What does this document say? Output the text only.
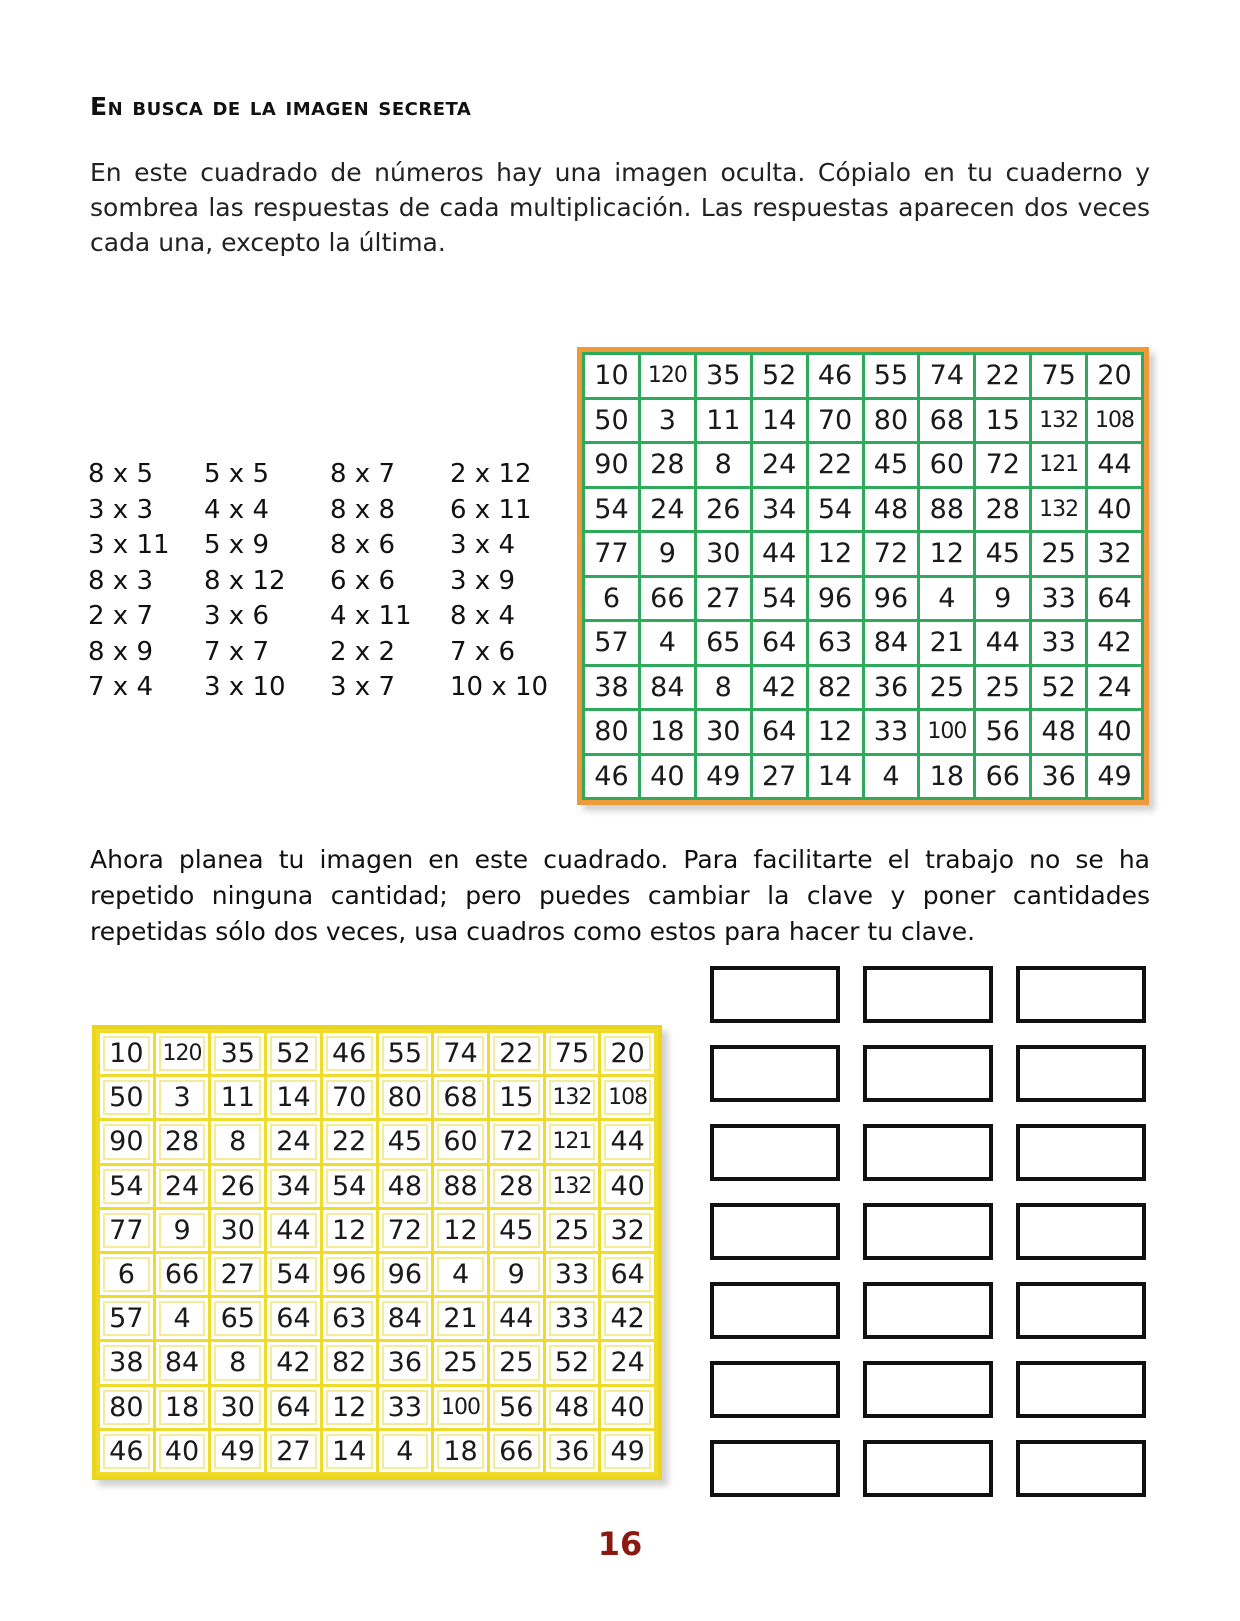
En busca de la imagen secreta
En este cuadrado de números hay una imagen oculta. Cópialo en tu cuaderno y sombrea las respuestas de cada multiplicación. Las respuestas aparecen dos veces cada una, excepto la última.
8 x 5	5 x 5	8 x 7	2 x 12
3 x 3	4 x 4	8 x 8	6 x 11
3 x 11	5 x 9	8 x 6	3 x 4
8 x 3	8 x 12	6 x 6	3 x 9
2 x 7	3 x 6	4 x 11	8 x 4
8 x 9	7 x 7	2 x 2	7 x 6
7 x 4	3 x 10	3 x 7	10 x 10
10 120 35 52 46 55 74 22 75 20
50	3	11 14 70 80 68 15 132 108
90 28	8	24 22 45 60 72 121 44
54 24 26 34 54 48 88 28 132 40
77	9	30 44 12 72 12 45 25 32
6	66 27 54 96 96	4	9	33 64
57	4	65 64 63 84 21 44 33 42
38 84	8	42 82 36 25 25 52 24
80 18 30 64 12 33 100 56 48 40
46 40 49 27 14	4	18 66 36 49
Ahora planea tu imagen en este cuadrado. Para facilitarte el trabajo no se ha repetido ninguna cantidad; pero puedes cambiar la clave y poner cantidades repetidas sólo dos veces, usa cuadros como estos para hacer tu clave.
10 120 35 52 46 55 74 22 75 20
50	3	11 14 70 80 68 15 132 108
90 28	8	24 22 45 60 72 121 44
54 24 26 34 54 48 88 28 132 40
77	9	30 44 12 72 12 45 25 32
6	66 27 54 96 96	4	9	33 64
57	4	65 64 63 84 21 44 33 42
38 84	8	42 82 36 25 25 52 24
80 18 30 64 12 33 100 56 48 40
46 40 49 27 14	4	18 66 36 49
16
